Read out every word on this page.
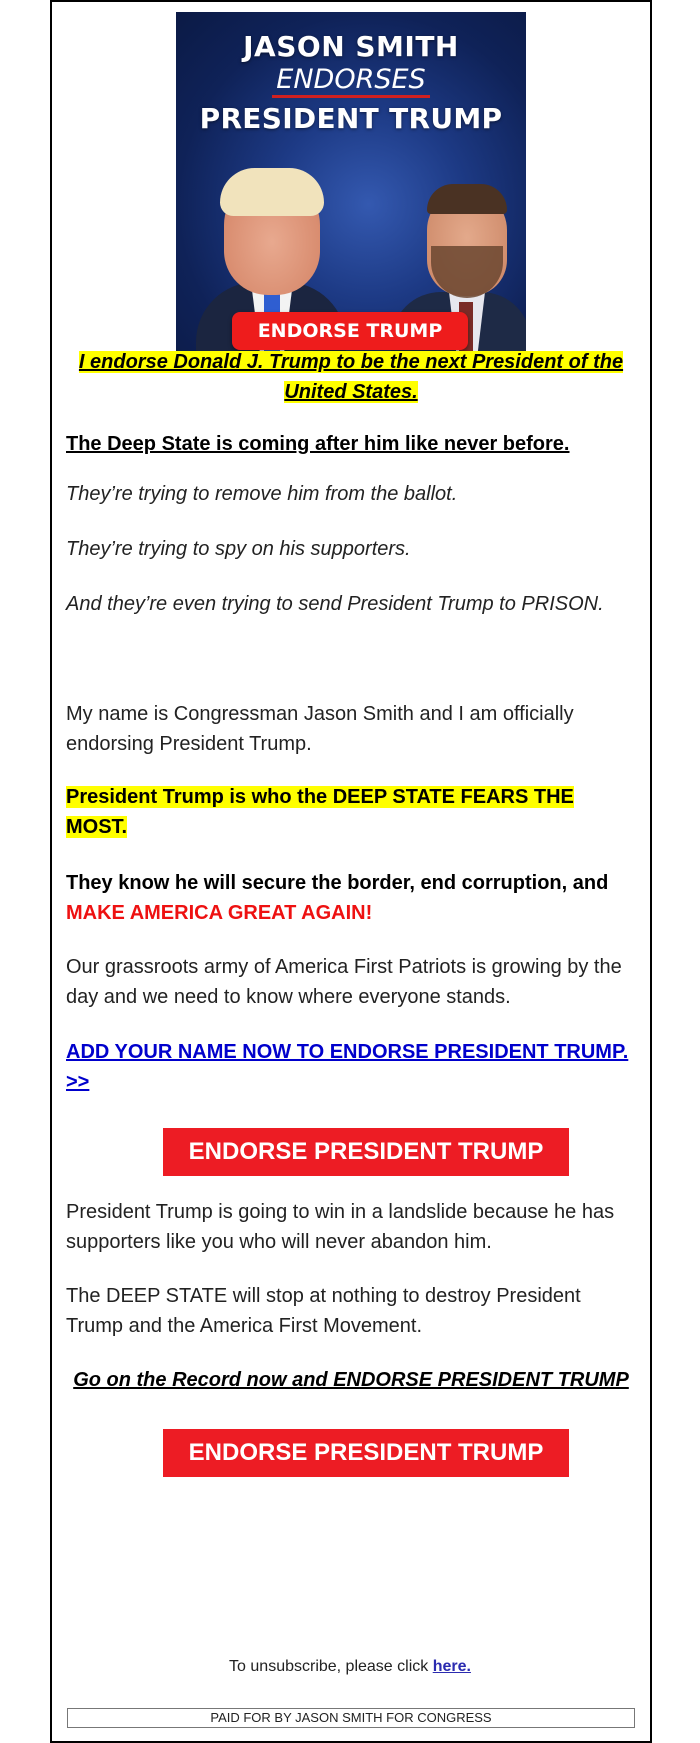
JASON SMITH
ENDORSES
PRESIDENT TRUMP
ENDORSE TRUMP

I endorse Donald J. Trump to be the next President of the United States.

The Deep State is coming after him like never before.

They’re trying to remove him from the ballot.

They’re trying to spy on his supporters.

And they’re even trying to send President Trump to PRISON.

My name is Congressman Jason Smith and I am officially endorsing President Trump.

President Trump is who the DEEP STATE FEARS THE MOST.

They know he will secure the border, end corruption, and MAKE AMERICA GREAT AGAIN!

Our grassroots army of America First Patriots is growing by the day and we need to know where everyone stands.

ADD YOUR NAME NOW TO ENDORSE PRESIDENT TRUMP. >>

ENDORSE PRESIDENT TRUMP

President Trump is going to win in a landslide because he has supporters like you who will never abandon him.

The DEEP STATE will stop at nothing to destroy President Trump and the America First Movement.

Go on the Record now and ENDORSE PRESIDENT TRUMP

ENDORSE PRESIDENT TRUMP
To unsubscribe, please click here.
PAID FOR BY JASON SMITH FOR CONGRESS
